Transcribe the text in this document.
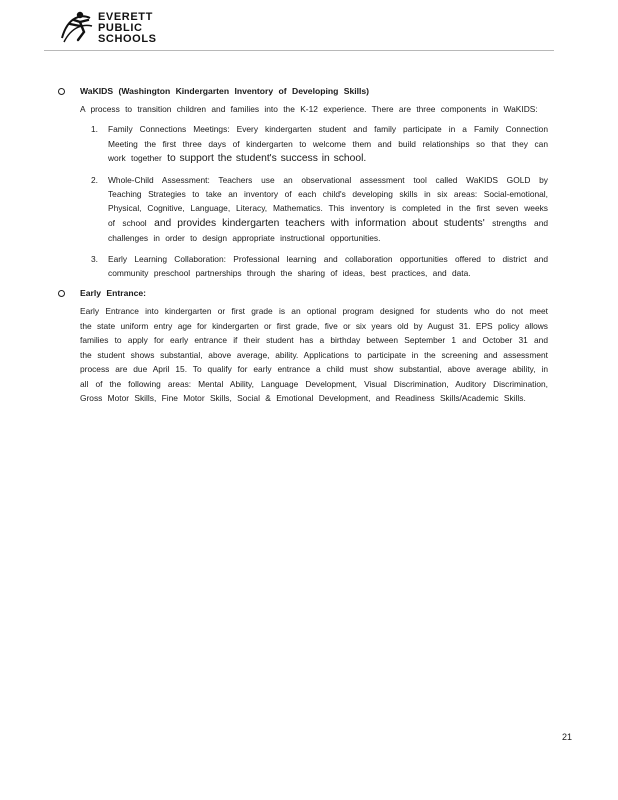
EVERETT
PUBLIC
SCHOOLS
WaKIDS (Washington Kindergarten Inventory of Developing Skills)
A process to transition children and families into the K-12 experience. There are three components in WaKIDS:
1. Family Connections Meetings: Every kindergarten student and family participate in a Family Connection Meeting the first three days of kindergarten to welcome them and build relationships so that they can work together to support the student's success in school.
2. Whole-Child Assessment: Teachers use an observational assessment tool called WaKIDS GOLD by Teaching Strategies to take an inventory of each child's developing skills in six areas: Social-emotional, Physical, Cognitive, Language, Literacy, Mathematics. This inventory is completed in the first seven weeks of school and provides kindergarten teachers with information about students' strengths and challenges in order to design appropriate instructional opportunities.
3. Early Learning Collaboration: Professional learning and collaboration opportunities offered to district and community preschool partnerships through the sharing of ideas, best practices, and data.
Early Entrance:
Early Entrance into kindergarten or first grade is an optional program designed for students who do not meet the state uniform entry age for kindergarten or first grade, five or six years old by August 31. EPS policy allows families to apply for early entrance if their student has a birthday between September 1 and October 31 and the student shows substantial, above average, ability. Applications to participate in the screening and assessment process are due April 15. To qualify for early entrance a child must show substantial, above average ability, in all of the following areas: Mental Ability, Language Development, Visual Discrimination, Auditory Discrimination, Gross Motor Skills, Fine Motor Skills, Social & Emotional Development, and Readiness Skills/Academic Skills.
21
